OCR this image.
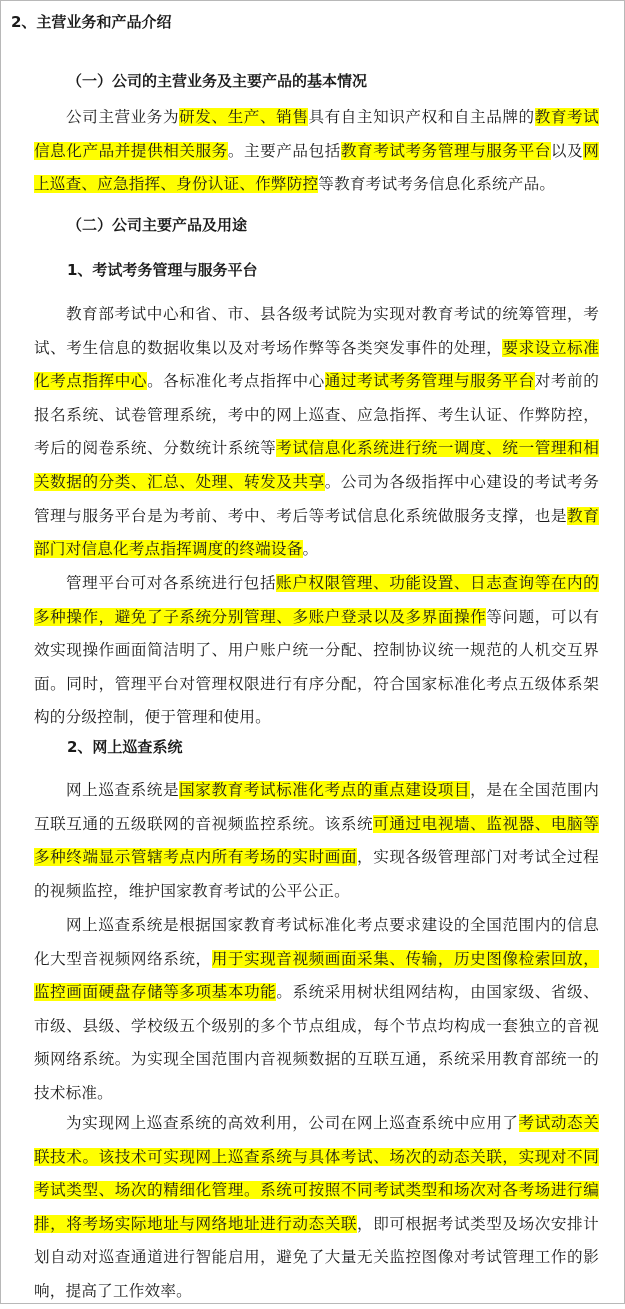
2、主营业务和产品介绍
（一）公司的主营业务及主要产品的基本情况
公司主营业务为研发、生产、销售具有自主知识产权和自主品牌的教育考试信息化产品并提供相关服务。主要产品包括教育考试考务管理与服务平台以及网上巡查、应急指挥、身份认证、作弊防控等教育考试考务信息化系统产品。
（二）公司主要产品及用途
1、考试考务管理与服务平台
教育部考试中心和省、市、县各级考试院为实现对教育考试的统筹管理，考试、考生信息的数据收集以及对考场作弊等各类突发事件的处理，要求设立标准化考点指挥中心。各标准化考点指挥中心通过考试考务管理与服务平台对考前的报名系统、试卷管理系统，考中的网上巡查、应急指挥、考生认证、作弊防控，考后的阅卷系统、分数统计系统等考试信息化系统进行统一调度、统一管理和相关数据的分类、汇总、处理、转发及共享。公司为各级指挥中心建设的考试考务管理与服务平台是为考前、考中、考后等考试信息化系统做服务支撑，也是教育部门对信息化考点指挥调度的终端设备。
管理平台可对各系统进行包括账户权限管理、功能设置、日志查询等在内的多种操作，避免了子系统分别管理、多账户登录以及多界面操作等问题，可以有效实现操作画面简洁明了、用户账户统一分配、控制协议统一规范的人机交互界面。同时，管理平台对管理权限进行有序分配，符合国家标准化考点五级体系架构的分级控制，便于管理和使用。
2、网上巡查系统
网上巡查系统是国家教育考试标准化考点的重点建设项目，是在全国范围内互联互通的五级联网的音视频监控系统。该系统可通过电视墙、监视器、电脑等多种终端显示管辖考点内所有考场的实时画面，实现各级管理部门对考试全过程的视频监控，维护国家教育考试的公平公正。
网上巡查系统是根据国家教育考试标准化考点要求建设的全国范围内的信息化大型音视频网络系统，用于实现音视频画面采集、传输，历史图像检索回放，监控画面硬盘存储等多项基本功能。系统采用树状组网结构，由国家级、省级、市级、县级、学校级五个级别的多个节点组成，每个节点均构成一套独立的音视频网络系统。为实现全国范围内音视频数据的互联互通，系统采用教育部统一的技术标准。
为实现网上巡查系统的高效利用，公司在网上巡查系统中应用了考试动态关联技术。该技术可实现网上巡查系统与具体考试、场次的动态关联，实现对不同考试类型、场次的精细化管理。系统可按照不同考试类型和场次对各考场进行编排，将考场实际地址与网络地址进行动态关联，即可根据考试类型及场次安排计划自动对巡查通道进行智能启用，避免了大量无关监控图像对考试管理工作的影响，提高了工作效率。
